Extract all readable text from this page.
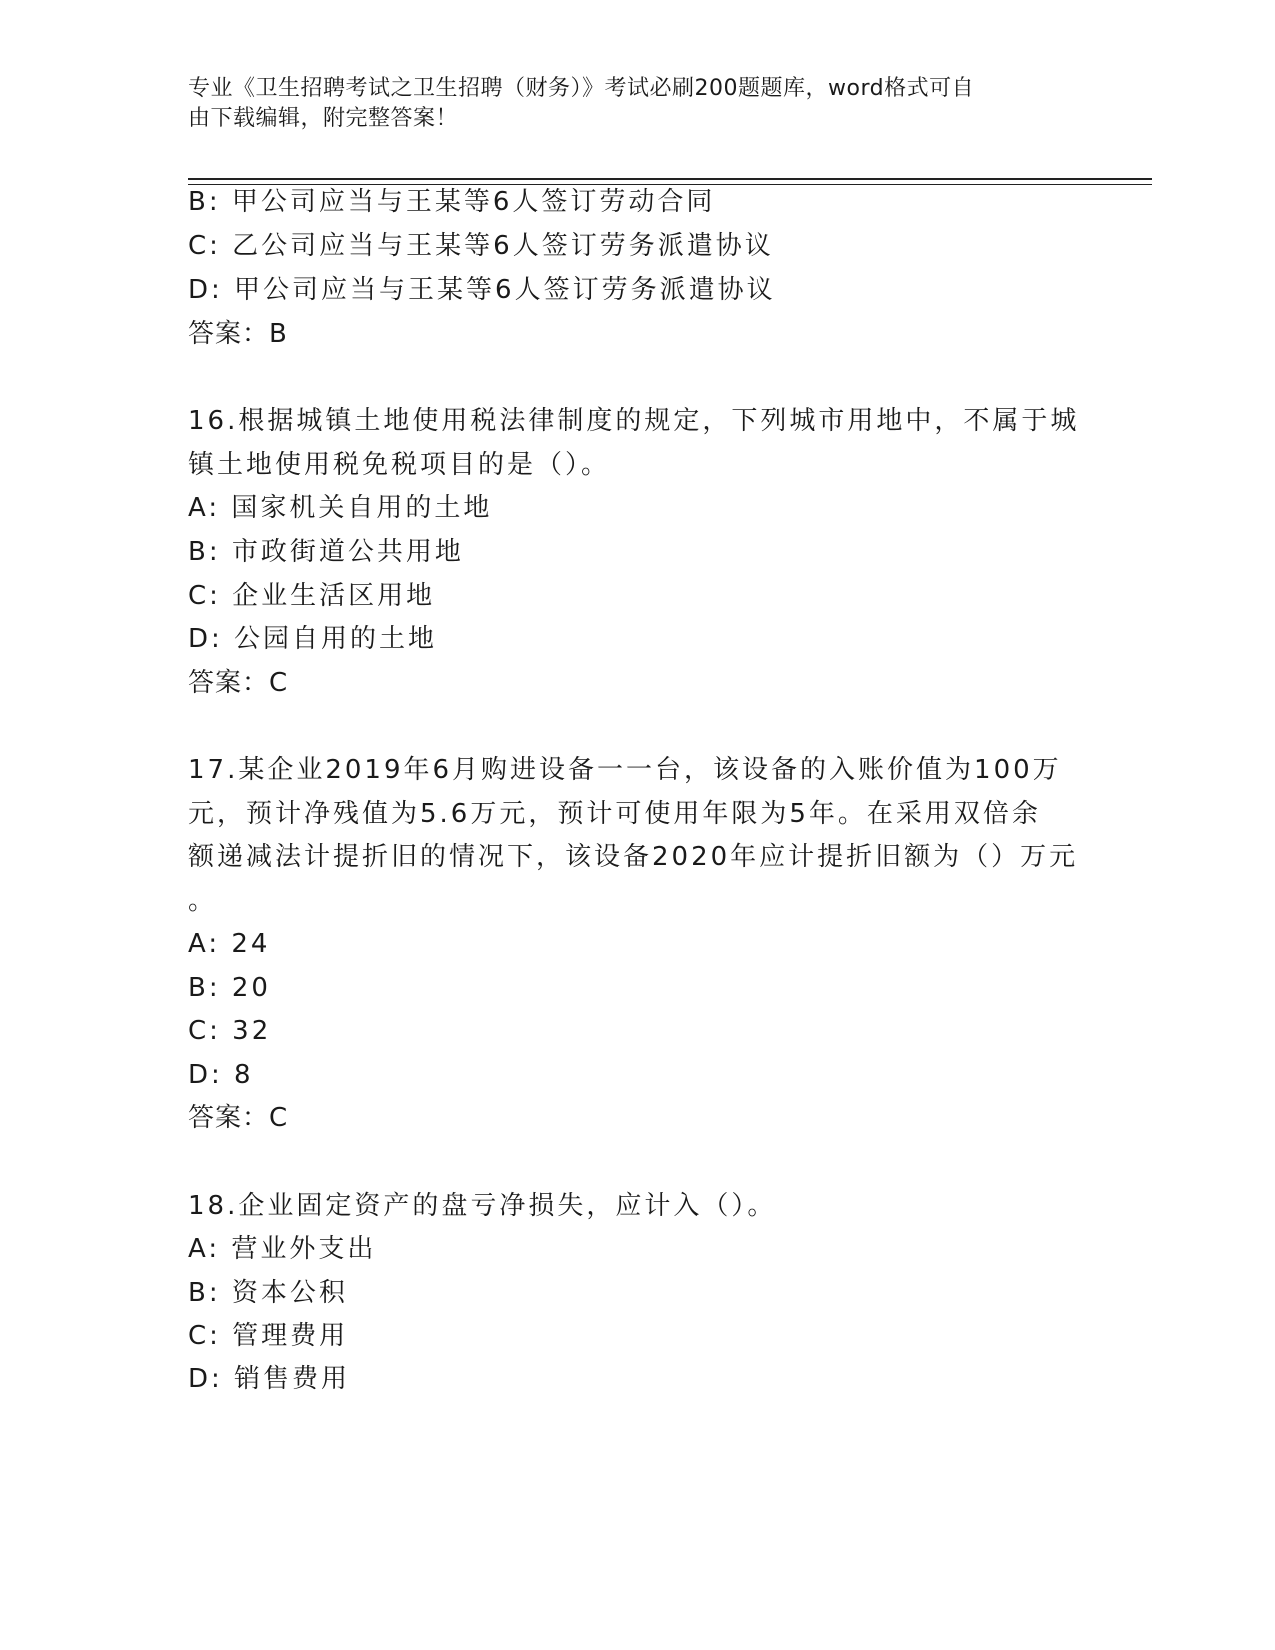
专业《卫生招聘考试之卫生招聘（财务）》考试必刷200题题库，word格式可自
由下载编辑，附完整答案！
B: 甲公司应当与王某等6人签订劳动合同
C: 乙公司应当与王某等6人签订劳务派遣协议
D: 甲公司应当与王某等6人签订劳务派遣协议
答案：B
16.根据城镇土地使用税法律制度的规定，下列城市用地中，不属于城
镇土地使用税免税项目的是（）。
A: 国家机关自用的土地
B: 市政街道公共用地
C: 企业生活区用地
D: 公园自用的土地
答案：C
17.某企业2019年6月购进设备一一台，该设备的入账价值为100万
元，预计净残值为5.6万元，预计可使用年限为5年。在采用双倍余
额递减法计提折旧的情况下，该设备2020年应计提折旧额为（）万元
。
A: 24
B: 20
C: 32
D: 8
答案：C
18.企业固定资产的盘亏净损失，应计入（）。
A: 营业外支出
B: 资本公积
C: 管理费用
D: 销售费用
